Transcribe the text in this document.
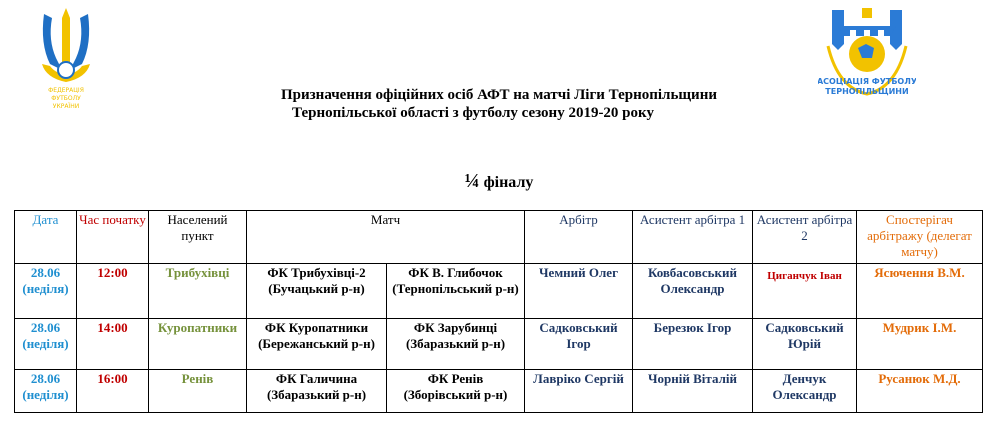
ФЕДЕРАЦІЯ
ФУТБОЛУ
УКРАЇНИ
АСОЦІАЦІЯ ФУТБОЛУ
ТЕРНОПІЛЬЩИНИ
Призначення офіційних осіб АФТ на матчі Ліги Тернопільщини
Тернопільської області з футболу сезону 2019-20 року
¼ фіналу
Дата	Час початку	Населений пункт	Матч		Арбітр	Асистент арбітра 1	Асистент арбітра 2	Спостерігач арбітражу (делегат матчу)
28.06 (неділя)	12:00	Трибухівці	ФК Трибухівці-2 (Бучацький р-н)	ФК В. Глибочок (Тернопільський р-н)	Чемний Олег	Ковбасовський Олександр	Циганчук Іван	Ясючення В.М.
28.06 (неділя)	14:00	Куропатники	ФК Куропатники (Бережанський р-н)	ФК Зарубинці (Збаразький р-н)	Садковський Ігор	Березюк Ігор	Садковський Юрій	Мудрик І.М.
28.06 (неділя)	16:00	Ренів	ФК Галичина (Збаразький р-н)	ФК Ренів (Зборівський р-н)	Лавріко Сергій	Чорній Віталій	Денчук Олександр	Русанюк М.Д.
